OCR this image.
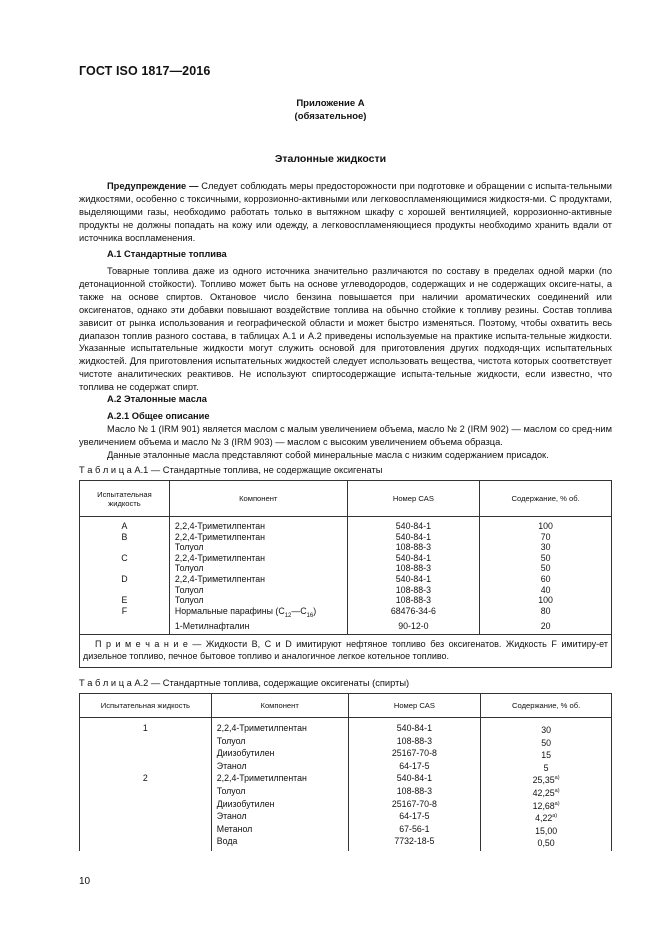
ГОСТ ISO 1817—2016
Приложение А
(обязательное)
Эталонные жидкости
Предупреждение — Следует соблюдать меры предосторожности при подготовке и обращении с испыта-тельными жидкостями, особенно с токсичными, коррозионно-активными или легковоспламеняющимися жидкостя-ми. С продуктами, выделяющими газы, необходимо работать только в вытяжном шкафу с хорошей вентиляцией, коррозионно-активные продукты не должны попадать на кожу или одежду, а легковоспламеняющиеся продукты необходимо хранить вдали от источника воспламенения.
А.1 Стандартные топлива
Товарные топлива даже из одного источника значительно различаются по составу в пределах одной марки (по детонационной стойкости). Топливо может быть на основе углеводородов, содержащих и не содержащих оксиге-наты, а также на основе спиртов. Октановое число бензина повышается при наличии ароматических соединений или оксигенатов, однако эти добавки повышают воздействие топлива на обычно стойкие к топливу резины. Состав топлива зависит от рынка использования и географической области и может быстро изменяться. Поэтому, чтобы охватить весь диапазон топлив разного состава, в таблицах А.1 и А.2 приведены используемые на практике испыта-тельные жидкости. Указанные испытательные жидкости могут служить основой для приготовления других подходя-щих испытательных жидкостей. Для приготовления испытательных жидкостей следует использовать вещества, чистота которых соответствует чистоте аналитических реактивов. Не используют спиртосодержащие испыта-тельные жидкости, если известно, что топлива не содержат спирт.
А.2 Эталонные масла
А.2.1 Общее описание
Масло № 1 (IRM 901) является маслом с малым увеличением объема, масло № 2 (IRM 902) — маслом со сред-ним увеличением объема и масло № 3 (IRM 903) — маслом с высоким увеличением объема образца.
Данные эталонные масла представляют собой минеральные масла с низким содержанием присадок.
Т а б л и ц а А.1 — Стандартные топлива, не содержащие оксигенаты
Испытательная жидкость	Компонент	Номер CAS	Содержание, % об.
A	2,2,4-Триметилпентан	540-84-1	100
B	2,2,4-Триметилпентан	540-84-1	70
	Толуол	108-88-3	30
C	2,2,4-Триметилпентан	540-84-1	50
	Толуол	108-88-3	50
D	2,2,4-Триметилпентан	540-84-1	60
	Толуол	108-88-3	40
E	Толуол	108-88-3	100
F	Нормальные парафины $(C_{12}—C_{16})$	68476-34-6	80
	1-Метилнафталин	90-12-0	20
П р и м е ч а н и е — Жидкости B, C и D имитируют нефтяное топливо без оксигенатов. Жидкость F имитиру-ет дизельное топливо, печное бытовое топливо и аналогичное легкое котельное топливо.			
Т а б л и ц а А.2 — Стандартные топлива, содержащие оксигенаты (спирты)
Испытательная жидкость	Компонент	Номер CAS	Содержание, % об.
1	2,2,4-Триметилпентан	540-84-1	30
	Толуол	108-88-3	50
	Диизобутилен	25167-70-8	15
	Этанол	64-17-5	5
2	2,2,4-Триметилпентан	540-84-1	$25,35^{а)}$
	Толуол	108-88-3	$42,25^{а)}$
	Диизобутилен	25167-70-8	$12,68^{а)}$
	Этанол	64-17-5	$4,22^{а)}$
	Метанол	67-56-1	15,00
	Вода	7732-18-5	0,50
10
